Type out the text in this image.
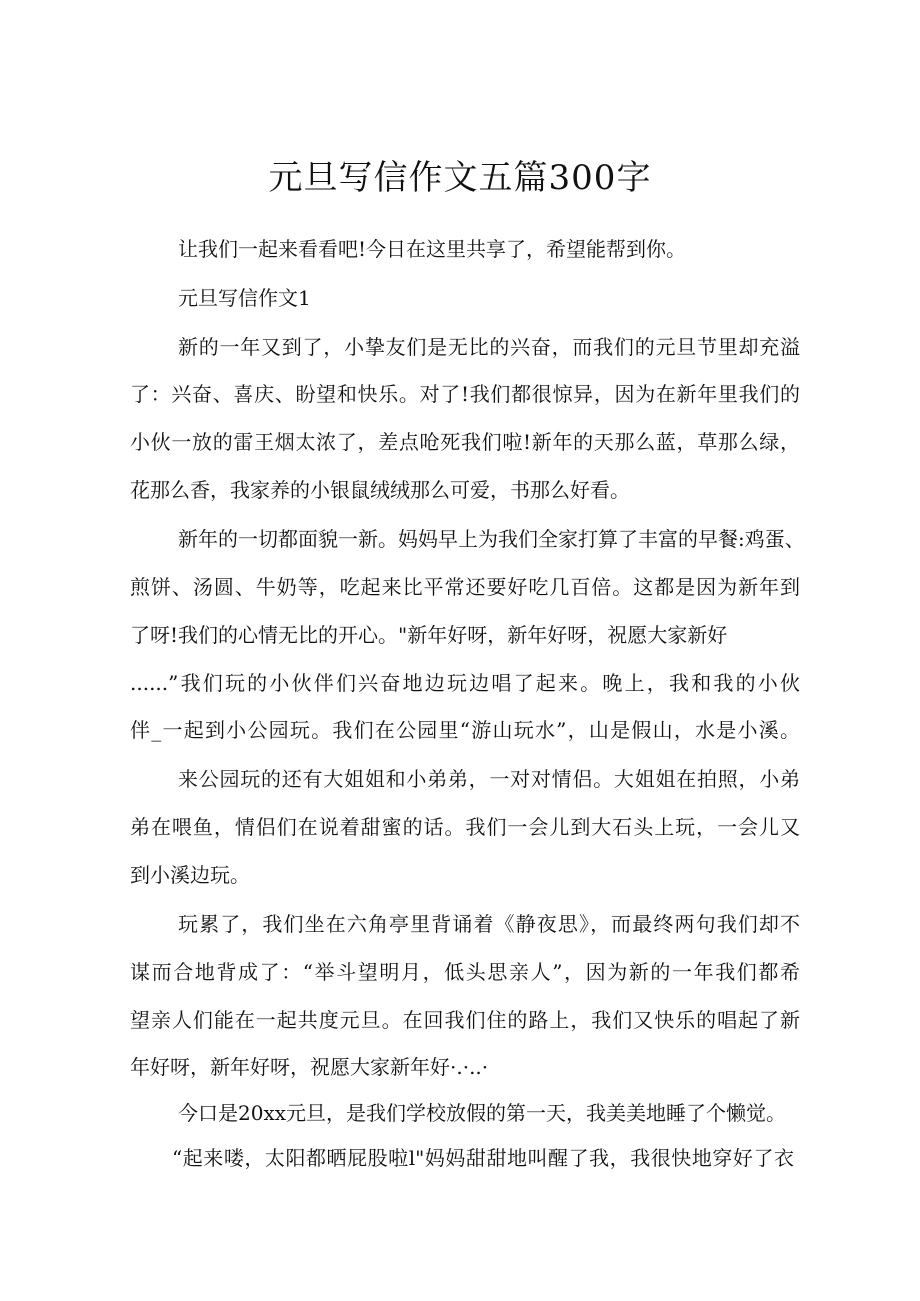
元旦写信作文五篇300字

让我们一起来看看吧!今日在这里共享了，希望能帮到你。

元旦写信作文1

新的一年又到了，小挚友们是无比的兴奋，而我们的元旦节里却充溢

了：兴奋、喜庆、盼望和快乐。对了!我们都很惊异，因为在新年里我们的

小伙一放的雷王烟太浓了，差点呛死我们啦!新年的天那么蓝，草那么绿，

花那么香，我家养的小银鼠绒绒那么可爱，书那么好看。

新年的一切都面貌一新。妈妈早上为我们全家打算了丰富的早餐:鸡蛋、

煎饼、汤圆、牛奶等，吃起来比平常还要好吃几百倍。这都是因为新年到

了呀!我们的心情无比的开心。"新年好呀，新年好呀，祝愿大家新好

......”我们玩的小伙伴们兴奋地边玩边唱了起来。晚上，我和我的小伙

伴_一起到小公园玩。我们在公园里“游山玩水”，山是假山，水是小溪。

来公园玩的还有大姐姐和小弟弟，一对对情侣。大姐姐在拍照，小弟

弟在喂鱼，情侣们在说着甜蜜的话。我们一会儿到大石头上玩，一会儿又

到小溪边玩。

玩累了，我们坐在六角亭里背诵着《静夜思》，而最终两句我们却不

谋而合地背成了：“举斗望明月，低头思亲人”，因为新的一年我们都希

望亲人们能在一起共度元旦。在回我们住的路上，我们又快乐的唱起了新

年好呀，新年好呀，祝愿大家新年好·.·..·

今口是20xx元旦，是我们学校放假的第一天，我美美地睡了个懒觉。

“起来喽，太阳都晒屁股啦l"妈妈甜甜地叫醒了我，我很快地穿好了衣
